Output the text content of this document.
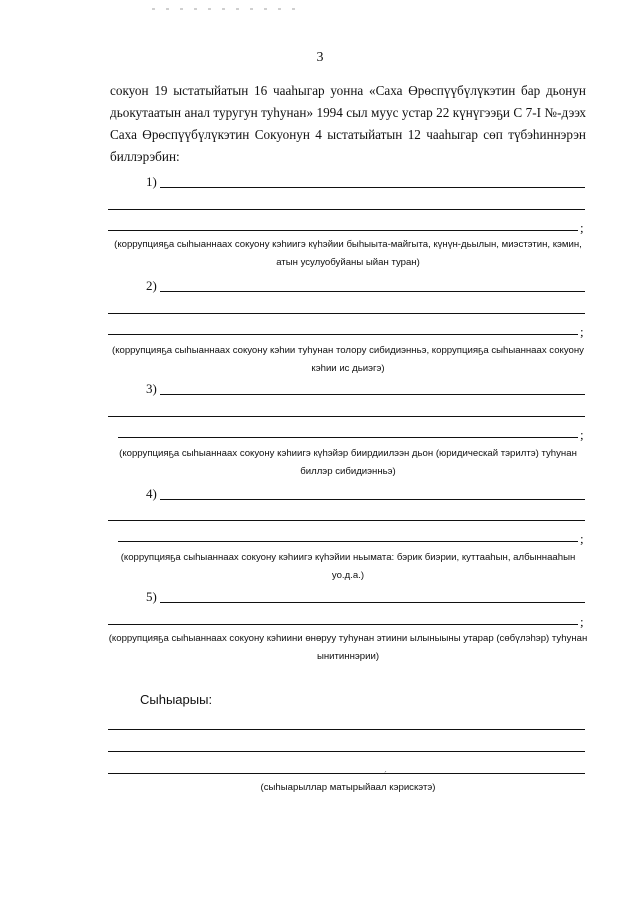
3
сокуон 19 ыстатыйатын 16 чааһыгар уонна «Саха Өрөспүүбүлүкэтин бар дьонун дьокутаатын анал туругун туһунан» 1994 сыл муус устар 22 күнүгээҕи С 7-I №-дээх Саха Өрөспүүбүлүкэтин Сокуонун 4 ыстатыйатын 12 чааһыгар сөп түбэһиннэрэн биллэрэбин:
1)
;
(коррупцияҕа сыһыаннаах сокуону кэһиигэ күһэйии быһыыта-майгыта, күнүн-дьылын, миэстэтин, кэмин, атын усулуобуйаны ыйан туран)
2)
;
(коррупцияҕа сыһыаннаах сокуону кэһии туһунан толору сибидиэнньэ, коррупцияҕа сыһыаннаах сокуону кэһии ис дьиэгэ)
3)
;
(коррупцияҕа сыһыаннаах сокуону кэһиигэ күһэйэр биирдиилээн дьон (юридическай тэрилтэ) туһунан биллэр сибидиэнньэ)
4)
;
(коррупцияҕа сыһыаннаах сокуону кэһиигэ күһэйии ньымата: бэрик биэрии, куттааһын, албыннааһын уо.д.а.)
5)
;
(коррупцияҕа сыһыаннаах сокуону кэһиини өнөруу туһунан этиини ылыныыны утарар (сөбүлэһэр) туһунан ынитиннэрии)
Сыһыарыы:
ˊ
(сыһыарыллар матырыйаал кэрискэтэ)
